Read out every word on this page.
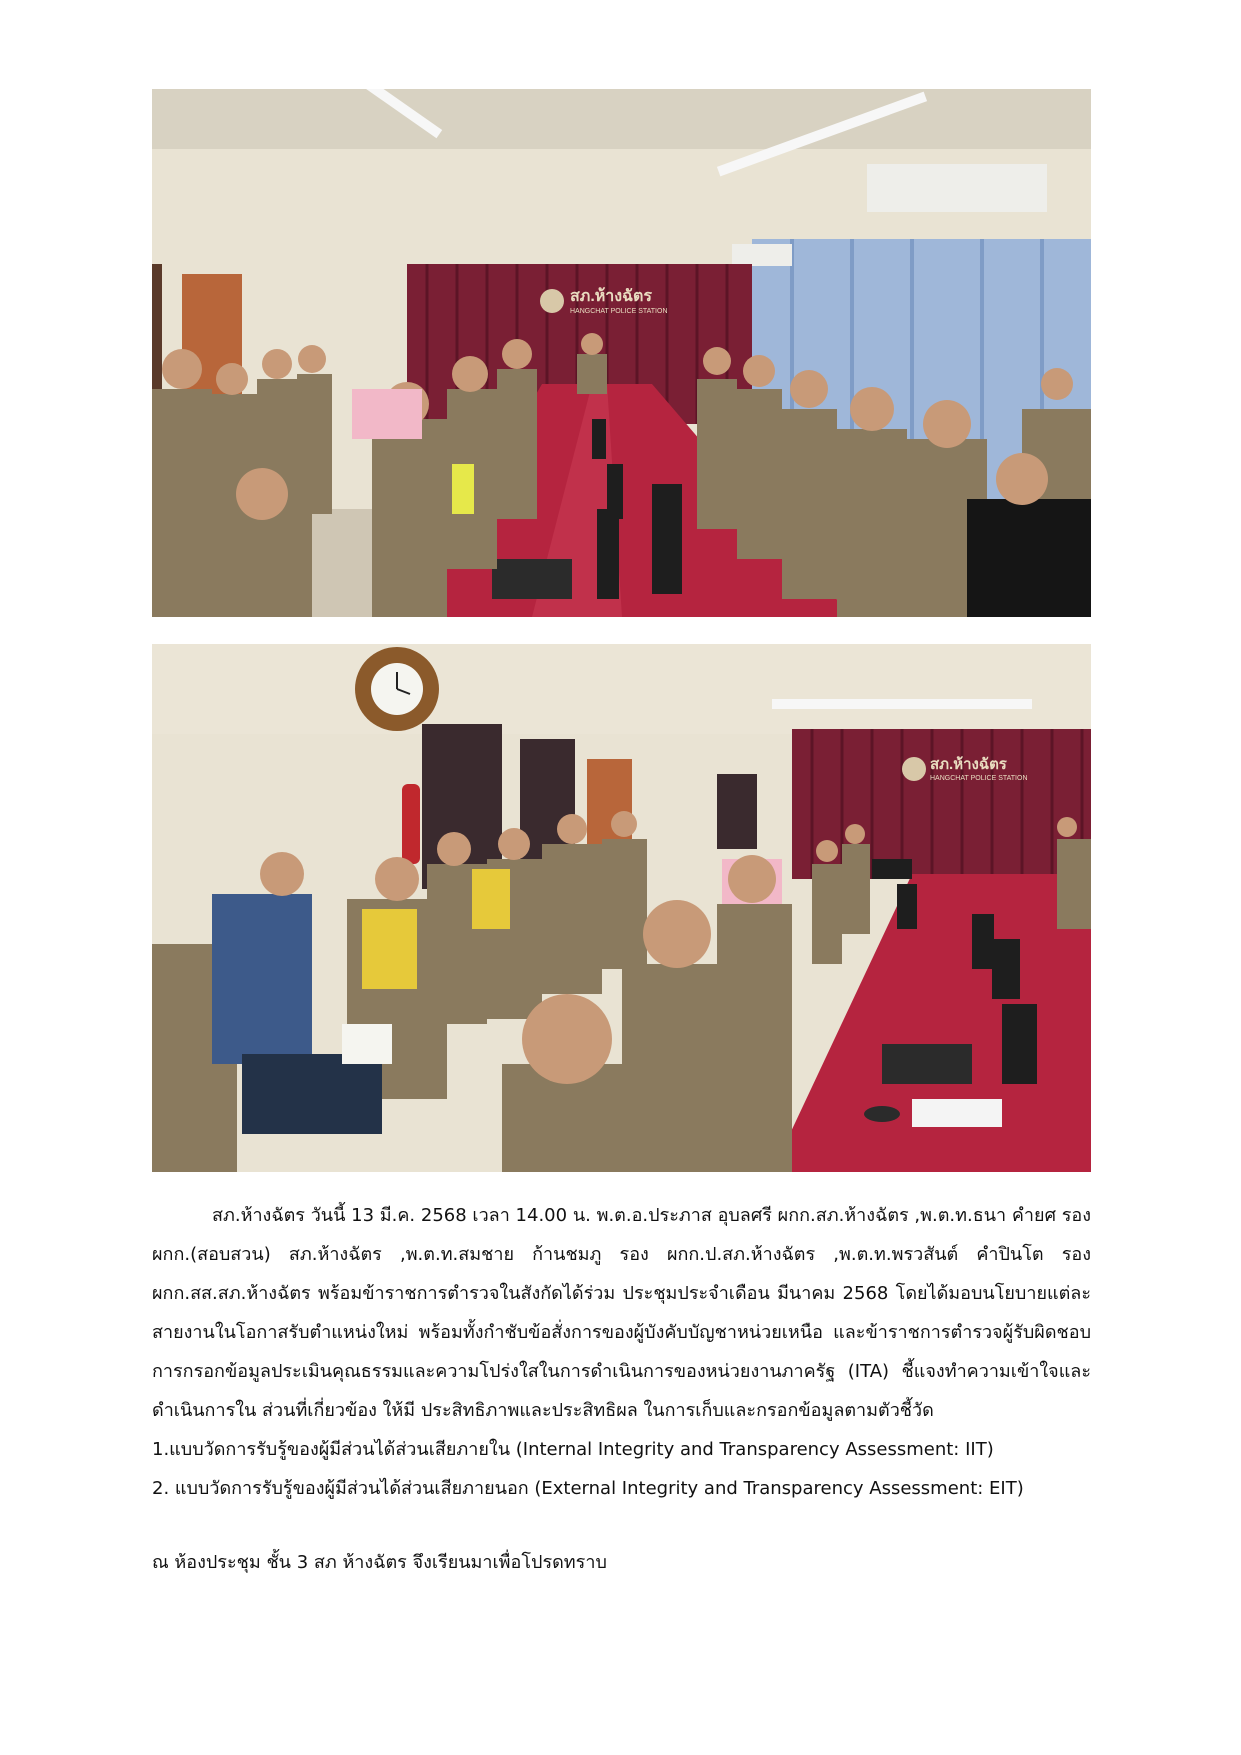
สภ.ห้างฉัตร
HANGCHAT POLICE STATION
สภ.ห้างฉัตร
HANGCHAT POLICE STATION

สภ.ห้างฉัตร วันนี้ 13 มี.ค. 2568 เวลา 14.00 น. พ.ต.อ.ประภาส อุบลศรี ผกก.สภ.ห้างฉัตร ,พ.ต.ท.ธนา คำยศ รอง ผกก.(สอบสวน) สภ.ห้างฉัตร ,พ.ต.ท.สมชาย ก้านชมภู รอง ผกก.ป.สภ.ห้างฉัตร ,พ.ต.ท.พรวสันต์ คำปินโต รอง ผกก.สส.สภ.ห้างฉัตร พร้อมข้าราชการตำรวจในสังกัดได้ร่วม ประชุมประจำเดือน มีนาคม 2568 โดยได้มอบนโยบายแต่ละสายงานในโอกาสรับตำแหน่งใหม่ พร้อมทั้งกำชับข้อสั่งการของผู้บังคับบัญชาหน่วยเหนือ และข้าราชการตำรวจผู้รับผิดชอบ การกรอกข้อมูลประเมินคุณธรรมและความโปร่งใสในการดำเนินการของหน่วยงานภาครัฐ (ITA) ชี้แจงทำความเข้าใจและดำเนินการใน ส่วนที่เกี่ยวข้อง ให้มี ประสิทธิภาพและประสิทธิผล ในการเก็บและกรอกข้อมูลตามตัวชี้วัด

1.แบบวัดการรับรู้ของผู้มีส่วนได้ส่วนเสียภายใน (Internal Integrity and Transparency Assessment: IIT)

2. แบบวัดการรับรู้ของผู้มีส่วนได้ส่วนเสียภายนอก (External Integrity and Transparency Assessment: EIT)

ณ ห้องประชุม ชั้น 3 สภ ห้างฉัตร จึงเรียนมาเพื่อโปรดทราบ
